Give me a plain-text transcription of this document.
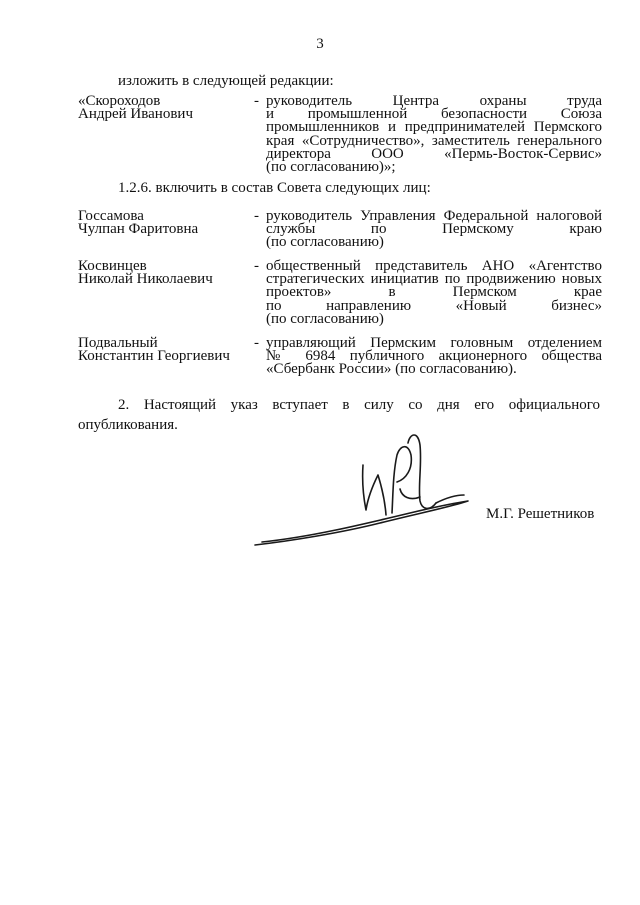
3
изложить в следующей редакции:
«Скороходов
Андрей Иванович
- руководитель Центра охраны труда
и промышленной безопасности Союза
промышленников и предпринимателей Пермского
края «Сотрудничество», заместитель генерального
директора ООО «Пермь-Восток-Сервис»
(по согласованию)»;
1.2.6. включить в состав Совета следующих лиц:
Госсамова
Чулпан Фаритовна
- руководитель Управления Федеральной налоговой
службы по Пермскому краю
(по согласованию)
Косвинцев
Николай Николаевич
- общественный представитель АНО «Агентство
стратегических инициатив по продвижению новых
проектов» в Пермском крае
по направлению «Новый бизнес»
(по согласованию)
Подвальный
Константин Георгиевич
- управляющий Пермским головным отделением
№ 6984 публичного акционерного общества
«Сбербанк России» (по согласованию).
2. Настоящий указ вступает в силу со дня его официального
опубликования.
М.Г. Решетников
